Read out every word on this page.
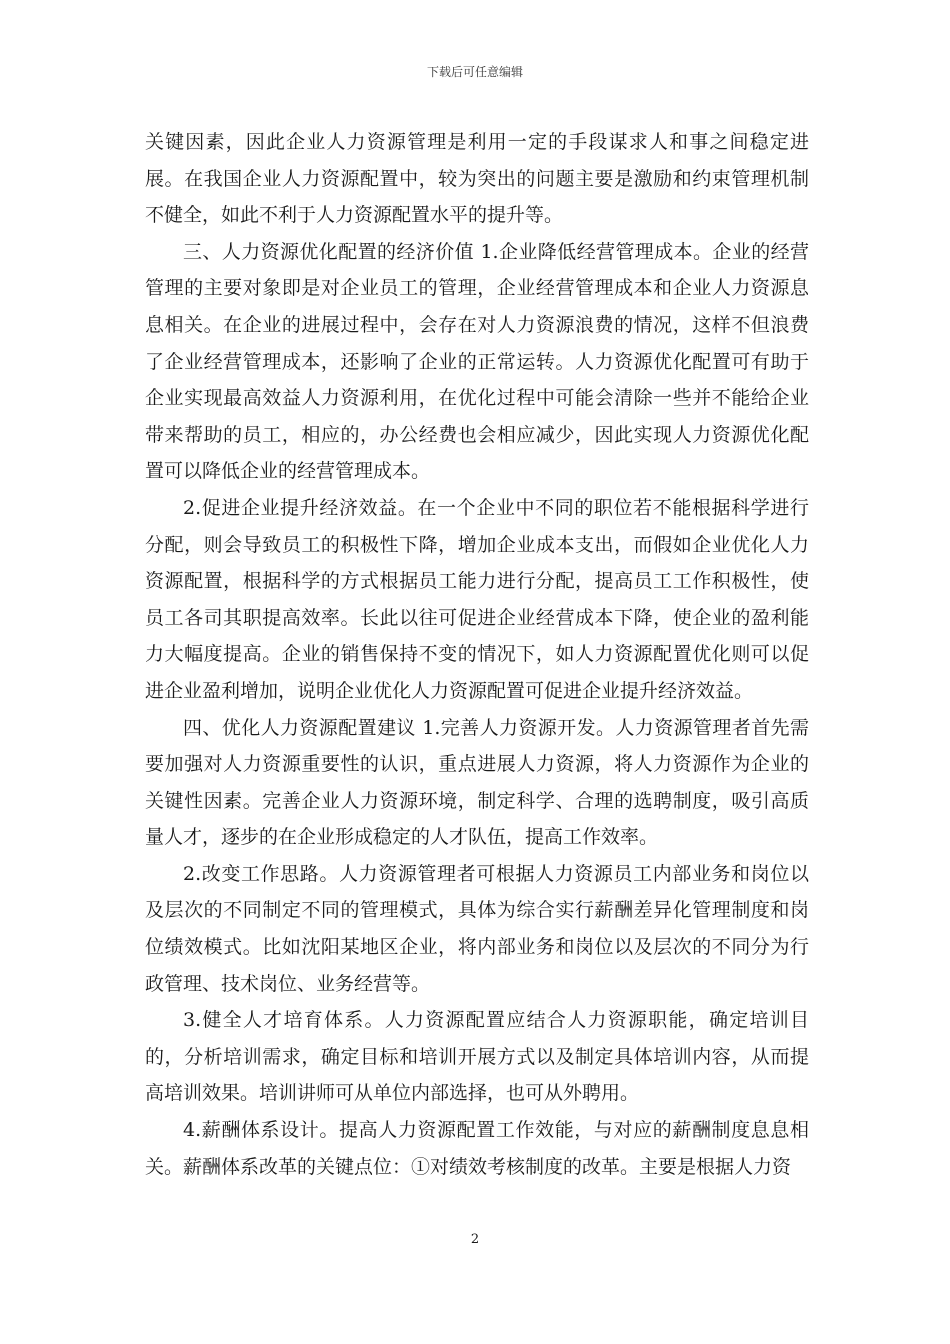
下载后可任意编辑

关键因素，因此企业人力资源管理是利用一定的手段谋求人和事之间稳定进展。在我国企业人力资源配置中，较为突出的问题主要是激励和约束管理机制不健全，如此不利于人力资源配置水平的提升等。

三、人力资源优化配置的经济价值 1.企业降低经营管理成本。企业的经营管理的主要对象即是对企业员工的管理，企业经营管理成本和企业人力资源息息相关。在企业的进展过程中，会存在对人力资源浪费的情况，这样不但浪费了企业经营管理成本，还影响了企业的正常运转。人力资源优化配置可有助于企业实现最高效益人力资源利用，在优化过程中可能会清除一些并不能给企业带来帮助的员工，相应的，办公经费也会相应减少，因此实现人力资源优化配置可以降低企业的经营管理成本。

2.促进企业提升经济效益。在一个企业中不同的职位若不能根据科学进行分配，则会导致员工的积极性下降，增加企业成本支出，而假如企业优化人力资源配置，根据科学的方式根据员工能力进行分配，提高员工工作积极性，使员工各司其职提高效率。长此以往可促进企业经营成本下降，使企业的盈利能力大幅度提高。企业的销售保持不变的情况下，如人力资源配置优化则可以促进企业盈利增加，说明企业优化人力资源配置可促进企业提升经济效益。

四、优化人力资源配置建议 1.完善人力资源开发。人力资源管理者首先需要加强对人力资源重要性的认识，重点进展人力资源，将人力资源作为企业的关键性因素。完善企业人力资源环境，制定科学、合理的选聘制度，吸引高质量人才，逐步的在企业形成稳定的人才队伍，提高工作效率。

2.改变工作思路。人力资源管理者可根据人力资源员工内部业务和岗位以及层次的不同制定不同的管理模式，具体为综合实行薪酬差异化管理制度和岗位绩效模式。比如沈阳某地区企业，将内部业务和岗位以及层次的不同分为行政管理、技术岗位、业务经营等。

3.健全人才培育体系。人力资源配置应结合人力资源职能，确定培训目的，分析培训需求，确定目标和培训开展方式以及制定具体培训内容，从而提高培训效果。培训讲师可从单位内部选择，也可从外聘用。

4.薪酬体系设计。提高人力资源配置工作效能，与对应的薪酬制度息息相关。薪酬体系改革的关键点位：①对绩效考核制度的改革。主要是根据人力资

2
